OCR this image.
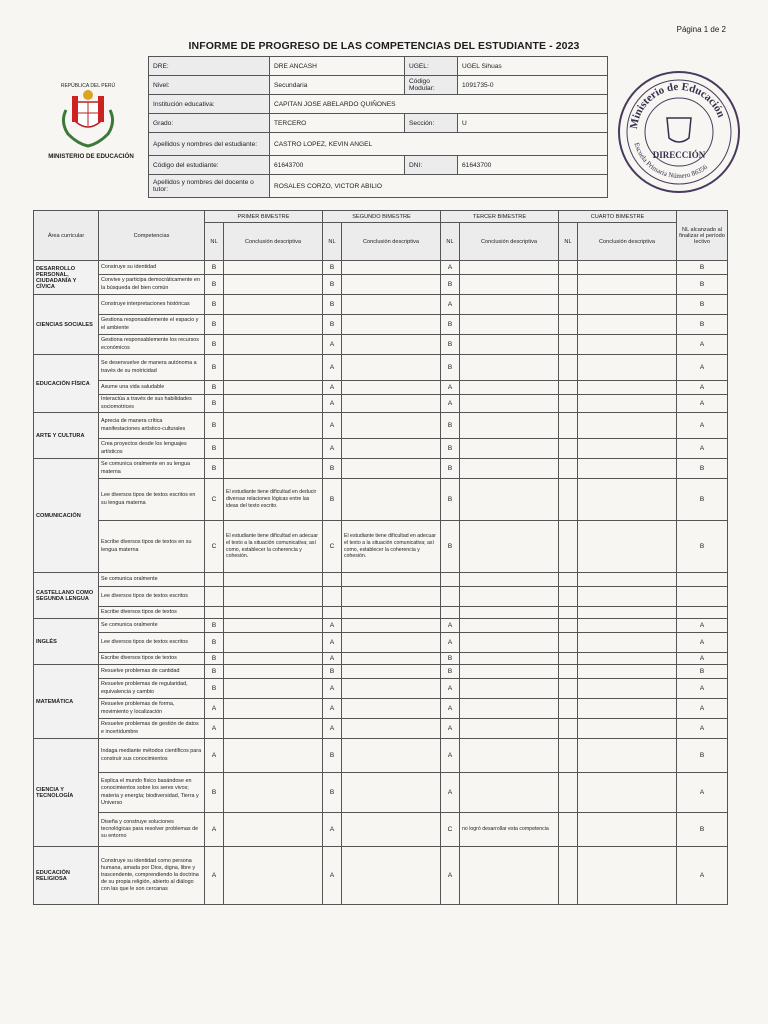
Página 1 de 2
INFORME DE PROGRESO DE LAS COMPETENCIAS DEL ESTUDIANTE - 2023
REPÚBLICA DEL PERÚ
MINISTERIO DE EDUCACIÓN
Ministerio de Educación
Escuela Primaria Número 86356
DIRECCIÓN
DRE:	DRE ANCASH	UGEL:	UGEL Sihuas
Nivel:	Secundaria	Código Modular:	1091735-0
Institución educativa:	CAPITAN JOSE ABELARDO QUIÑONES		
Grado:	TERCERO	Sección:	U
Apellidos y nombres del estudiante:	CASTRO LOPEZ, KEVIN ANGEL		
Código del estudiante:	61643700	DNI:	61643700
Apellidos y nombres del docente o tutor:	ROSALES CORZO, VICTOR ABILIO		
Área curricular	Competencias	PRIMER BIMESTRE		SEGUNDO BIMESTRE		TERCER BIMESTRE		CUARTO BIMESTRE		NL alcanzado al finalizar el período lectivo
		NL	Conclusión descriptiva	NL	Conclusión descriptiva	NL	Conclusión descriptiva	NL	Conclusión descriptiva	
DESARROLLO PERSONAL, CIUDADANÍA Y CÍVICA	Construye su identidad	B		B		A				B
	Convive y participa democráticamente en la búsqueda del bien común	B		B		B				B
CIENCIAS SOCIALES	Construye interpretaciones históricas	B		B		A				B
	Gestiona responsablemente el espacio y el ambiente	B		B		B				B
	Gestiona responsablemente los recursos económicos	B		A		B				A
EDUCACIÓN FÍSICA	Se desenvuelve de manera autónoma a través de su motricidad	B		A		B				A
	Asume una vida saludable	B		A		A				A
	Interactúa a través de sus habilidades sociomotrices	B		A		A				A
ARTE Y CULTURA	Aprecia de manera crítica manifestaciones artístico-culturales	B		A		B				A
	Crea proyectos desde los lenguajes artísticos	B		A		B				A
COMUNICACIÓN	Se comunica oralmente en su lengua materna	B		B		B				B
	Lee diversos tipos de textos escritos en su lengua materna	C	El estudiante tiene dificultad en deducir diversas relaciones lógicas entre las ideas del texto escrito.	B		B				B
	Escribe diversos tipos de textos en su lengua materna	C	El estudiante tiene dificultad en adecuar el texto a la situación comunicativa; así como, establecer la coherencia y cohesión.	C	El estudiante tiene dificultad en adecuar el texto a la situación comunicativa; así como, establecer la coherencia y cohesión.	B				B
CASTELLANO COMO SEGUNDA LENGUA	Se comunica oralmente									
	Lee diversos tipos de textos escritos									
	Escribe diversos tipos de textos									
INGLÉS	Se comunica oralmente	B		A		A				A
	Lee diversos tipos de textos escritos	B		A		A				A
	Escribe diversos tipos de textos	B		A		B				A
MATEMÁTICA	Resuelve problemas de cantidad	B		B		B				B
	Resuelve problemas de regularidad, equivalencia y cambio	B		A		A				A
	Resuelve problemas de forma, movimiento y localización	A		A		A				A
	Resuelve problemas de gestión de datos e incertidumbre	A		A		A				A
CIENCIA Y TECNOLOGÍA	Indaga mediante métodos científicos para construir sus conocimientos	A		B		A				B
	Explica el mundo físico basándose en conocimientos sobre los seres vivos; materia y energía; biodiversidad, Tierra y Universo	B		B		A				A
	Diseña y construye soluciones tecnológicas para resolver problemas de su entorno	A		A		C	no logró desarrollar esta competencia			B
EDUCACIÓN RELIGIOSA	Construye su identidad como persona humana, amada por Dios, digna, libre y trascendente, comprendiendo la doctrina de su propia religión, abierto al diálogo con las que le son cercanas	A		A		A				A
